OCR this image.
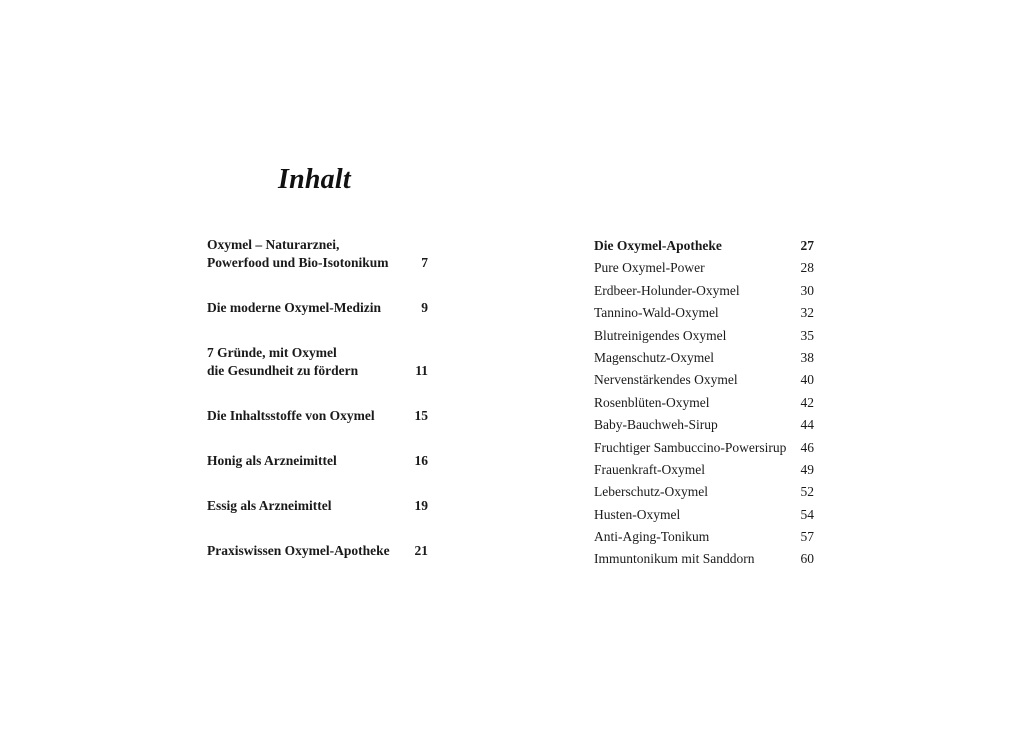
Inhalt
Oxymel – Naturarznei,
Powerfood und Bio-Isotonikum	7
Die moderne Oxymel-Medizin	9
7 Gründe, mit Oxymel
die Gesundheit zu fördern	11
Die Inhaltsstoffe von Oxymel	15
Honig als Arzneimittel	16
Essig als Arzneimittel	19
Praxiswissen Oxymel-Apotheke	21
Die Oxymel-Apotheke	27
Pure Oxymel-Power	28
Erdbeer-Holunder-Oxymel	30
Tannino-Wald-Oxymel	32
Blutreinigendes Oxymel	35
Magenschutz-Oxymel	38
Nervenstärkendes Oxymel	40
Rosenblüten-Oxymel	42
Baby-Bauchweh-Sirup	44
Fruchtiger Sambuccino-Powersirup 46
Frauenkraft-Oxymel	49
Leberschutz-Oxymel	52
Husten-Oxymel	54
Anti-Aging-Tonikum	57
Immuntonikum mit Sanddorn	60
